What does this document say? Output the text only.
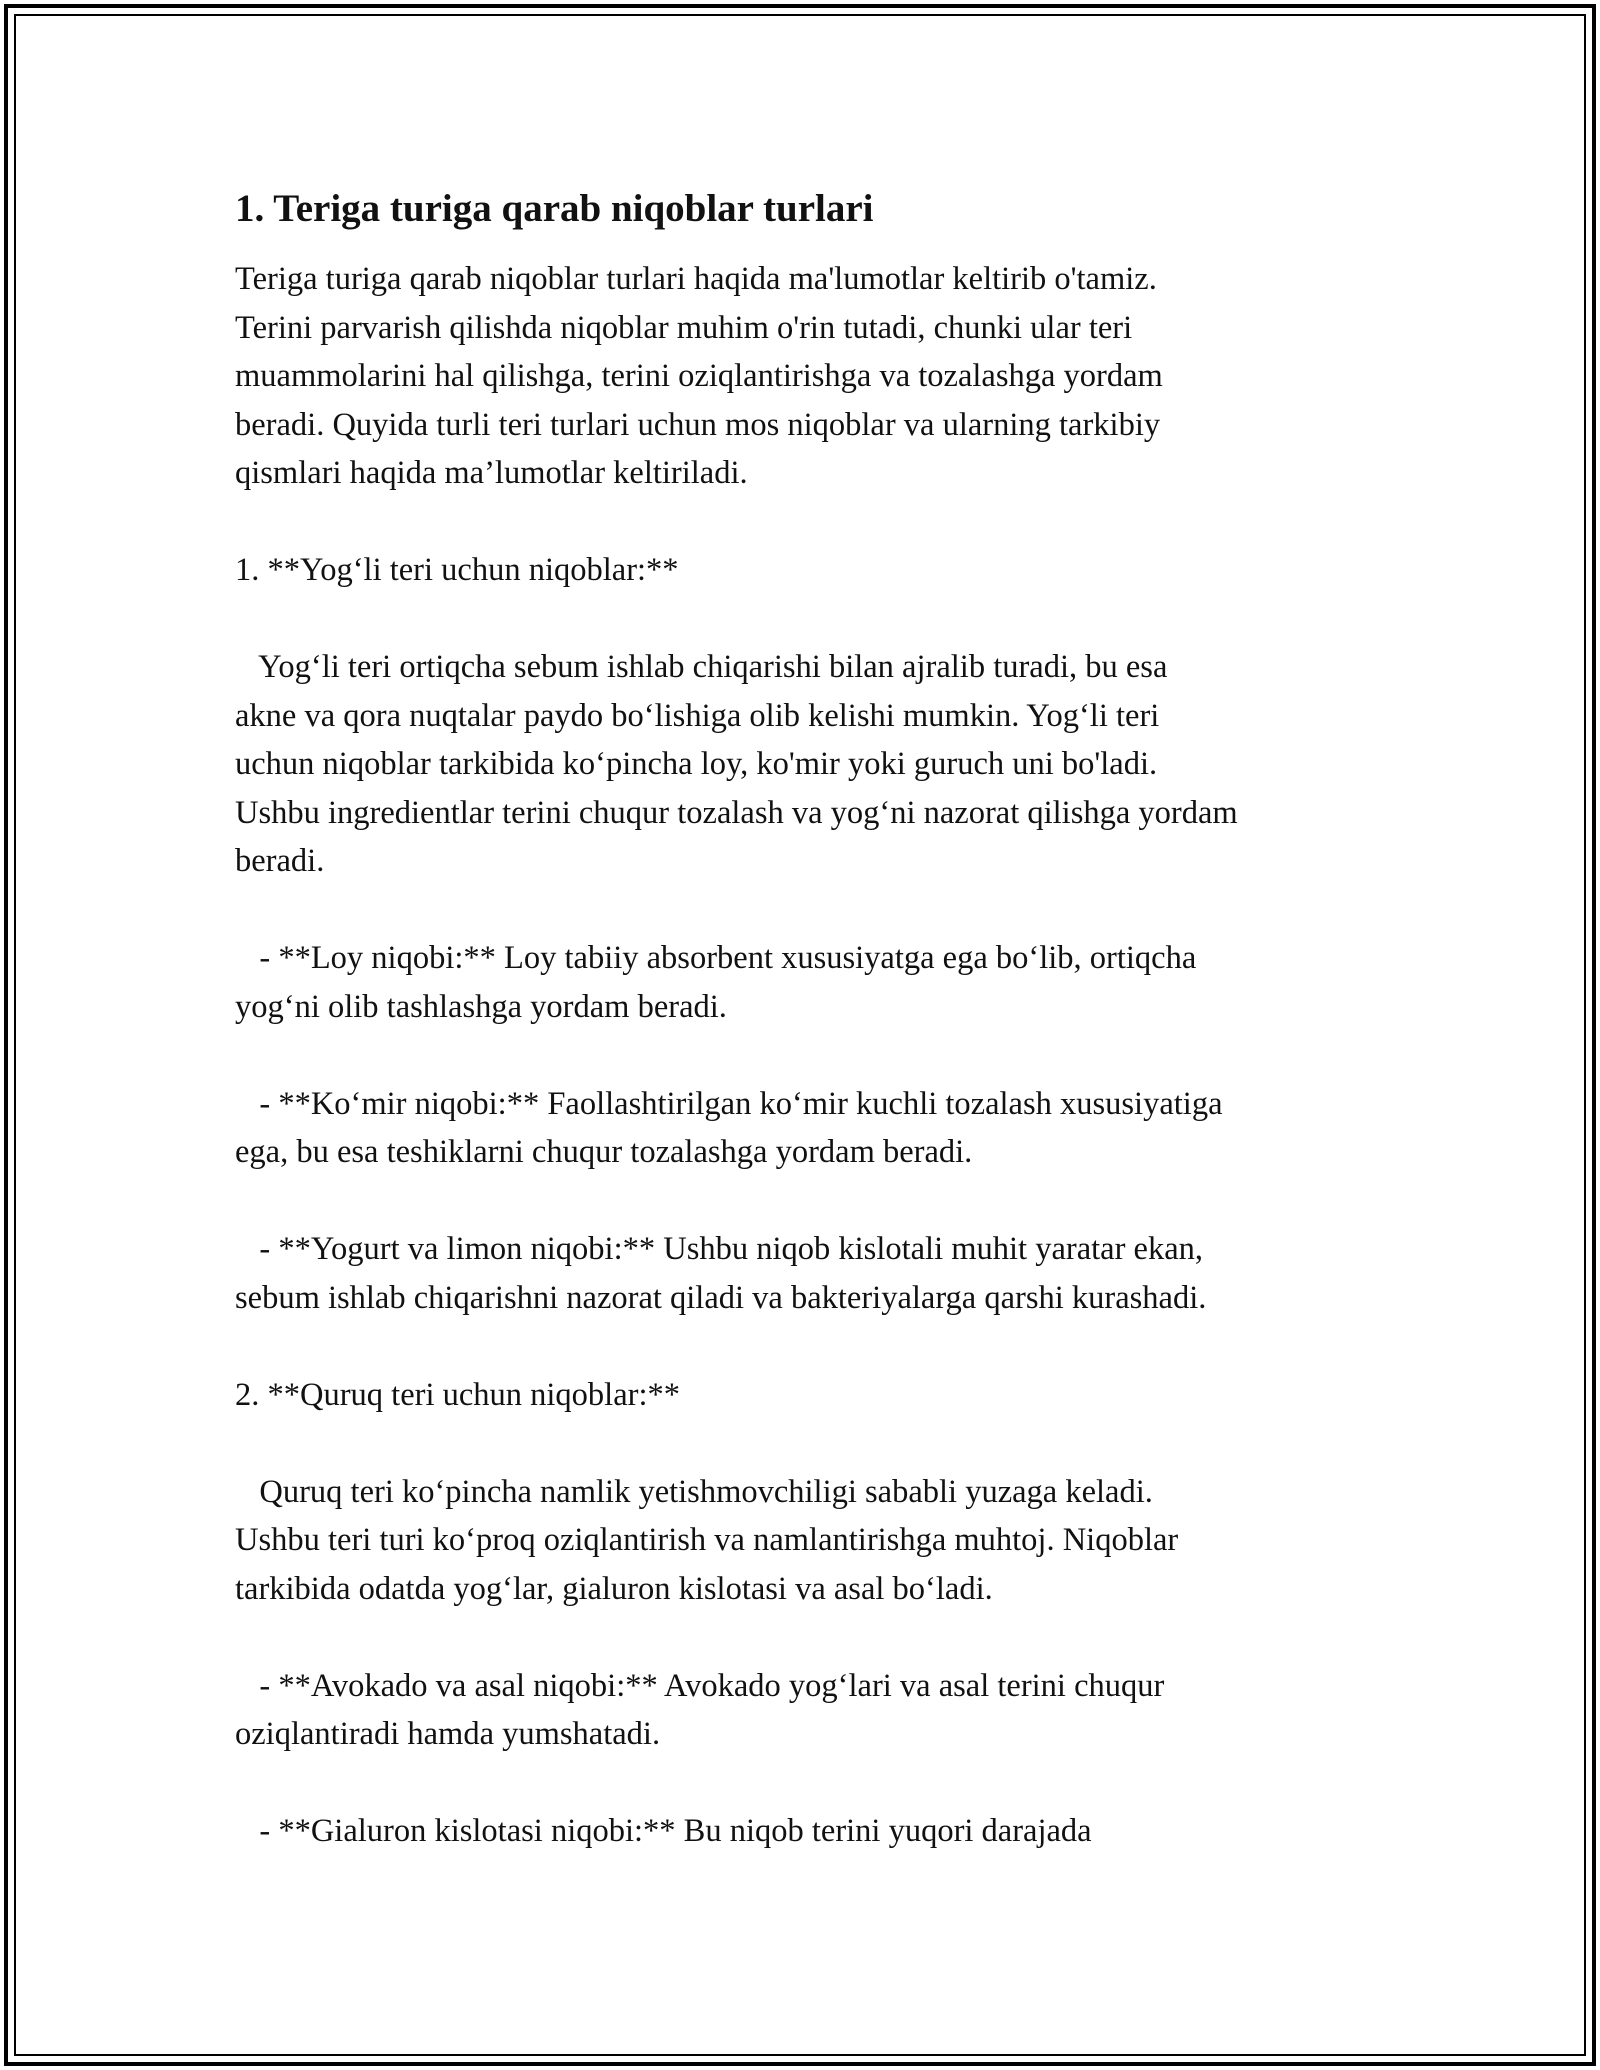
1. Teriga turiga qarab niqoblar turlari
Teriga turiga qarab niqoblar turlari haqida ma'lumotlar keltirib o'tamiz.
Terini parvarish qilishda niqoblar muhim o'rin tutadi, chunki ular teri
muammolarini hal qilishga, terini oziqlantirishga va tozalashga yordam
beradi. Quyida turli teri turlari uchun mos niqoblar va ularning tarkibiy
qismlari haqida ma’lumotlar keltiriladi.
1. **Yog‘li teri uchun niqoblar:**
Yog‘li teri ortiqcha sebum ishlab chiqarishi bilan ajralib turadi, bu esa
akne va qora nuqtalar paydo bo‘lishiga olib kelishi mumkin. Yog‘li teri
uchun niqoblar tarkibida ko‘pincha loy, ko'mir yoki guruch uni bo'ladi.
Ushbu ingredientlar terini chuqur tozalash va yog‘ni nazorat qilishga yordam
beradi.
- **Loy niqobi:** Loy tabiiy absorbent xususiyatga ega bo‘lib, ortiqcha
yog‘ni olib tashlashga yordam beradi.
- **Ko‘mir niqobi:** Faollashtirilgan ko‘mir kuchli tozalash xususiyatiga
ega, bu esa teshiklarni chuqur tozalashga yordam beradi.
- **Yogurt va limon niqobi:** Ushbu niqob kislotali muhit yaratar ekan,
sebum ishlab chiqarishni nazorat qiladi va bakteriyalarga qarshi kurashadi.
2. **Quruq teri uchun niqoblar:**
Quruq teri ko‘pincha namlik yetishmovchiligi sababli yuzaga keladi.
Ushbu teri turi ko‘proq oziqlantirish va namlantirishga muhtoj. Niqoblar
tarkibida odatda yog‘lar, gialuron kislotasi va asal bo‘ladi.
- **Avokado va asal niqobi:** Avokado yog‘lari va asal terini chuqur
oziqlantiradi hamda yumshatadi.
- **Gialuron kislotasi niqobi:** Bu niqob terini yuqori darajada
